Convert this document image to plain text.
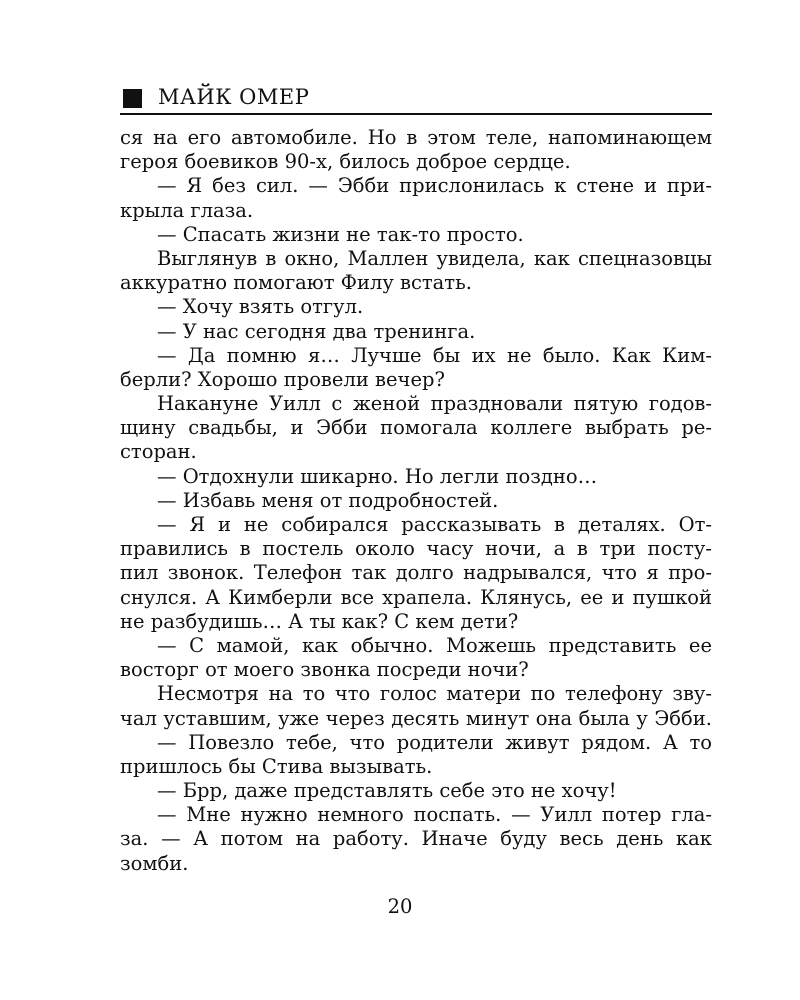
МАЙК ОМЕР
ся на его автомобиле. Но в этом теле, напоминающем
героя боевиков 90-х, билось доброе сердце.
— Я без сил. — Эбби прислонилась к стене и при-
крыла глаза.
— Спасать жизни не так-то просто.
Выглянув в окно, Маллен увидела, как спецназовцы
аккуратно помогают Филу встать.
— Хочу взять отгул.
— У нас сегодня два тренинга.
— Да помню я… Лучше бы их не было. Как Ким-
берли? Хорошо провели вечер?
Накануне Уилл с женой праздновали пятую годов-
щину свадьбы, и Эбби помогала коллеге выбрать ре-
сторан.
— Отдохнули шикарно. Но легли поздно…
— Избавь меня от подробностей.
— Я и не собирался рассказывать в деталях. От-
правились в постель около часу ночи, а в три посту-
пил звонок. Телефон так долго надрывался, что я про-
снулся. А Кимберли все храпела. Клянусь, ее и пушкой
не разбудишь… А ты как? С кем дети?
— С мамой, как обычно. Можешь представить ее
восторг от моего звонка посреди ночи?
Несмотря на то что голос матери по телефону зву-
чал уставшим, уже через десять минут она была у Эбби.
— Повезло тебе, что родители живут рядом. А то
пришлось бы Стива вызывать.
— Брр, даже представлять себе это не хочу!
— Мне нужно немного поспать. — Уилл потер гла-
за. — А потом на работу. Иначе буду весь день как
зомби.
20
